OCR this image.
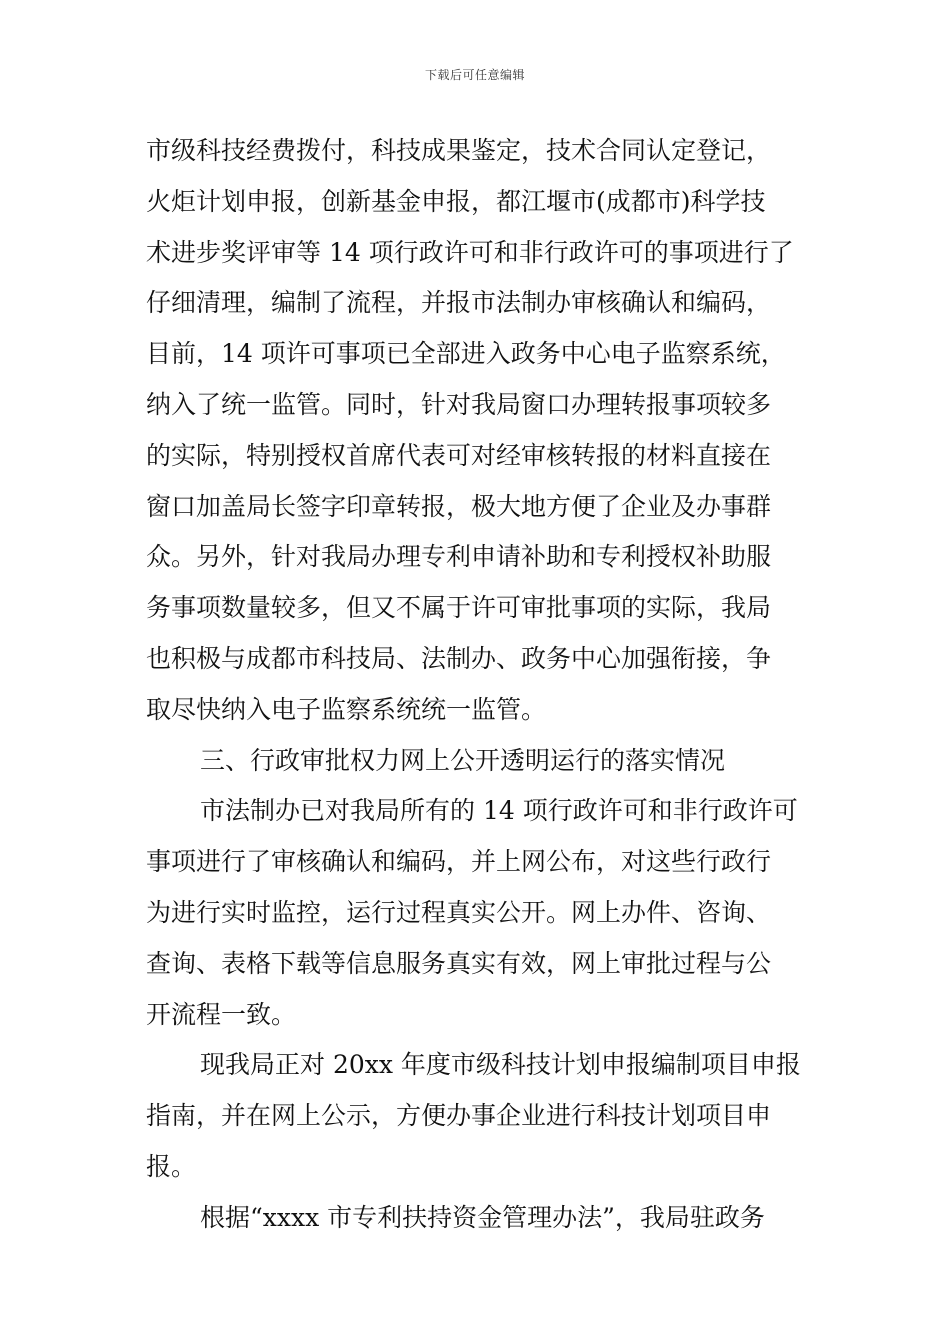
下载后可任意编辑
市级科技经费拨付，科技成果鉴定，技术合同认定登记，
火炬计划申报，创新基金申报，都江堰市(成都市)科学技
术进步奖评审等 14 项行政许可和非行政许可的事项进行了
仔细清理，编制了流程，并报市法制办审核确认和编码，
目前，14 项许可事项已全部进入政务中心电子监察系统，
纳入了统一监管。同时，针对我局窗口办理转报事项较多
的实际，特别授权首席代表可对经审核转报的材料直接在
窗口加盖局长签字印章转报，极大地方便了企业及办事群
众。另外，针对我局办理专利申请补助和专利授权补助服
务事项数量较多，但又不属于许可审批事项的实际，我局
也积极与成都市科技局、法制办、政务中心加强衔接，争
取尽快纳入电子监察系统统一监管。
三、行政审批权力网上公开透明运行的落实情况
市法制办已对我局所有的 14 项行政许可和非行政许可
事项进行了审核确认和编码，并上网公布，对这些行政行
为进行实时监控，运行过程真实公开。网上办件、咨询、
查询、表格下载等信息服务真实有效，网上审批过程与公
开流程一致。
现我局正对 20xx 年度市级科技计划申报编制项目申报
指南，并在网上公示，方便办事企业进行科技计划项目申
报。
根据“xxxx 市专利扶持资金管理办法”，我局驻政务
